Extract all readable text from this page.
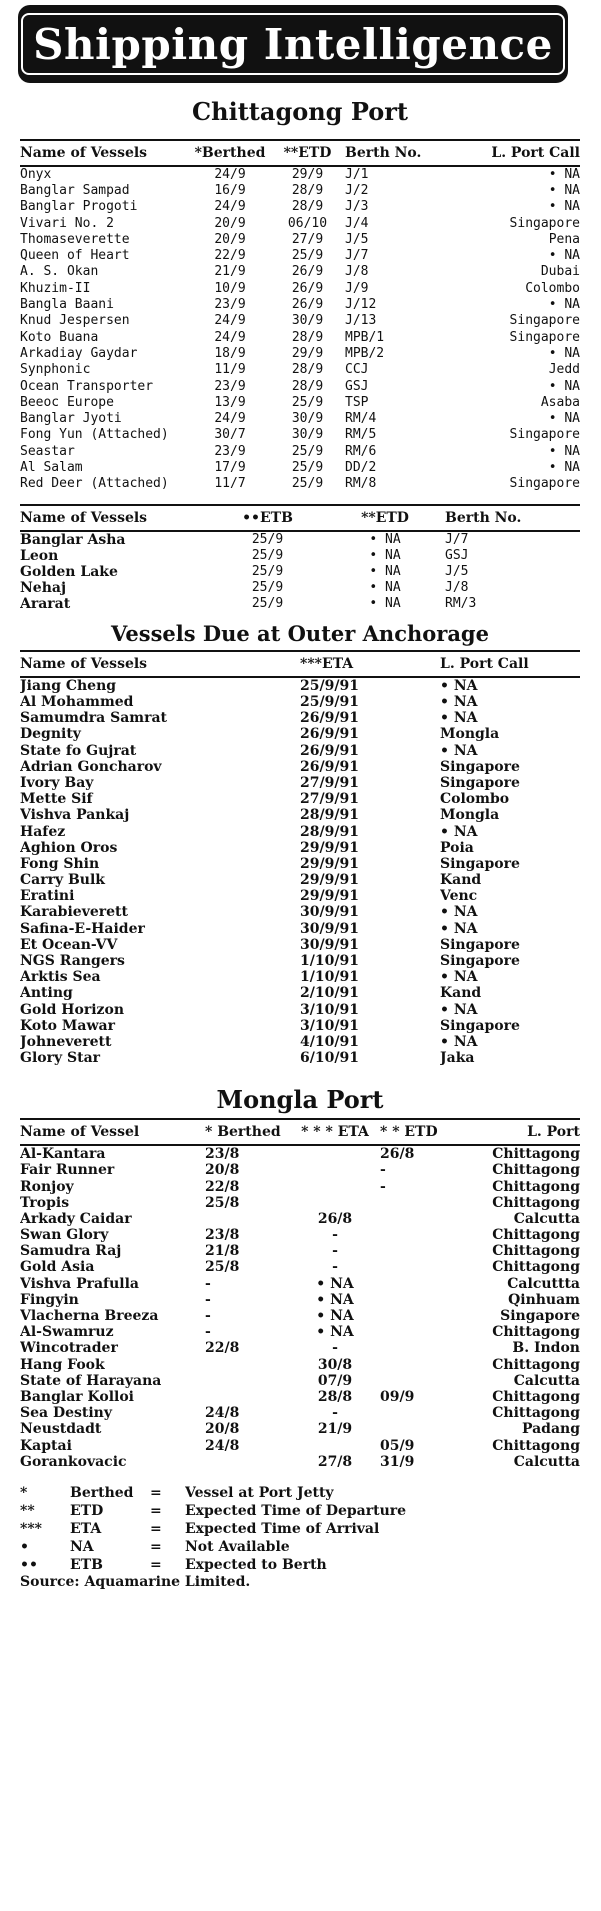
Shipping Intelligence
Chittagong Port
Name of Vessels	*Berthed	**ETD	Berth No.	L. Port Call
Onyx	24/9	29/9	J/1	• NA
Banglar Sampad	16/9	28/9	J/2	• NA
Banglar Progoti	24/9	28/9	J/3	• NA
Vivari No. 2	20/9	06/10	J/4	Singapore
Thomaseverette	20/9	27/9	J/5	Pena
Queen of Heart	22/9	25/9	J/7	• NA
A. S. Okan	21/9	26/9	J/8	Dubai
Khuzim-II	10/9	26/9	J/9	Colombo
Bangla Baani	23/9	26/9	J/12	• NA
Knud Jespersen	24/9	30/9	J/13	Singapore
Koto Buana	24/9	28/9	MPB/1	Singapore
Arkadiay Gaydar	18/9	29/9	MPB/2	• NA
Synphonic	11/9	28/9	CCJ	Jedd
Ocean Transporter	23/9	28/9	GSJ	• NA
Beeoc Europe	13/9	25/9	TSP	Asaba
Banglar Jyoti	24/9	30/9	RM/4	• NA
Fong Yun (Attached)	30/7	30/9	RM/5	Singapore
Seastar	23/9	25/9	RM/6	• NA
Al Salam	17/9	25/9	DD/2	• NA
Red Deer (Attached)	11/7	25/9	RM/8	Singapore
Name of Vessels	••ETB	**ETD	Berth No.
Banglar Asha	25/9	• NA	J/7
Leon	25/9	• NA	GSJ
Golden Lake	25/9	• NA	J/5
Nehaj	25/9	• NA	J/8
Ararat	25/9	• NA	RM/3
Vessels Due at Outer Anchorage
Name of Vessels	***ETA	L. Port Call
Jiang Cheng	25/9/91	• NA
Al Mohammed	25/9/91	• NA
Samumdra Samrat	26/9/91	• NA
Degnity	26/9/91	Mongla
State fo Gujrat	26/9/91	• NA
Adrian Goncharov	26/9/91	Singapore
Ivory Bay	27/9/91	Singapore
Mette Sif	27/9/91	Colombo
Vishva Pankaj	28/9/91	Mongla
Hafez	28/9/91	• NA
Aghion Oros	29/9/91	Poia
Fong Shin	29/9/91	Singapore
Carry Bulk	29/9/91	Kand
Eratini	29/9/91	Venc
Karabieverett	30/9/91	• NA
Safina-E-Haider	30/9/91	• NA
Et Ocean-VV	30/9/91	Singapore
NGS Rangers	1/10/91	Singapore
Arktis Sea	1/10/91	• NA
Anting	2/10/91	Kand
Gold Horizon	3/10/91	• NA
Koto Mawar	3/10/91	Singapore
Johneverett	4/10/91	• NA
Glory Star	6/10/91	Jaka
Mongla Port
Name of Vessel	* Berthed	* * * ETA	* * ETD	L. Port
Al-Kantara	23/8		26/8	Chittagong
Fair Runner	20/8		-	Chittagong
Ronjoy	22/8		-	Chittagong
Tropis	25/8			Chittagong
Arkady Caidar		26/8		Calcutta
Swan Glory	23/8	-		Chittagong
Samudra Raj	21/8	-		Chittagong
Gold Asia	25/8	-		Chittagong
Vishva Prafulla	-	• NA		Calcuttta
Fingyin	-	• NA		Qinhuam
Vlacherna Breeza	-	• NA		Singapore
Al-Swamruz	-	• NA		Chittagong
Wincotrader	22/8	-		B. Indon
Hang Fook		30/8		Chittagong
State of Harayana		07/9		Calcutta
Banglar Kolloi		28/8	09/9	Chittagong
Sea Destiny	24/8	-		Chittagong
Neustdadt	20/8	21/9		Padang
Kaptai	24/8		05/9	Chittagong
Gorankovacic		27/8	31/9	Calcutta
*	Berthed	=	Vessel at Port Jetty
**	ETD	=	Expected Time of Departure
***	ETA	=	Expected Time of Arrival
•	NA	=	Not Available
••	ETB	=	Expected to Berth
Source: Aquamarine Limited.
